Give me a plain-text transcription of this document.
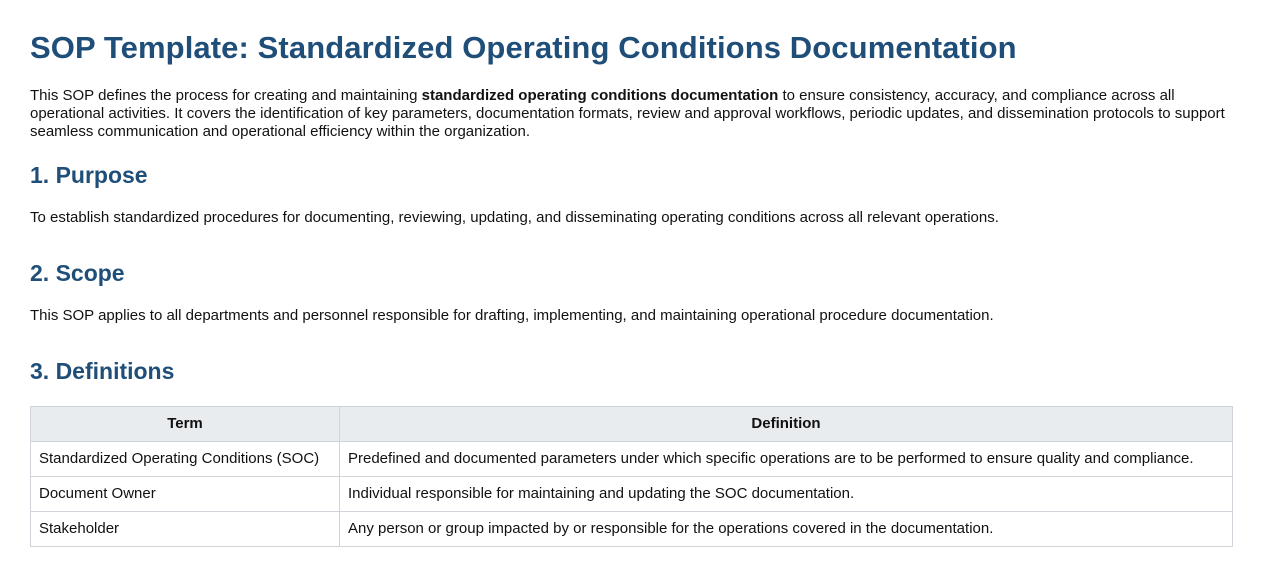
SOP Template: Standardized Operating Conditions Documentation

This SOP defines the process for creating and maintaining standardized operating conditions documentation to ensure consistency, accuracy, and compliance across all operational activities. It covers the identification of key parameters, documentation formats, review and approval workflows, periodic updates, and dissemination protocols to support seamless communication and operational efficiency within the organization.

1. Purpose

To establish standardized procedures for documenting, reviewing, updating, and disseminating operating conditions across all relevant operations.

2. Scope

This SOP applies to all departments and personnel responsible for drafting, implementing, and maintaining operational procedure documentation.

3. Definitions
Term	Definition
Standardized Operating Conditions (SOC)	Predefined and documented parameters under which specific operations are to be performed to ensure quality and compliance.
Document Owner	Individual responsible for maintaining and updating the SOC documentation.
Stakeholder	Any person or group impacted by or responsible for the operations covered in the documentation.
